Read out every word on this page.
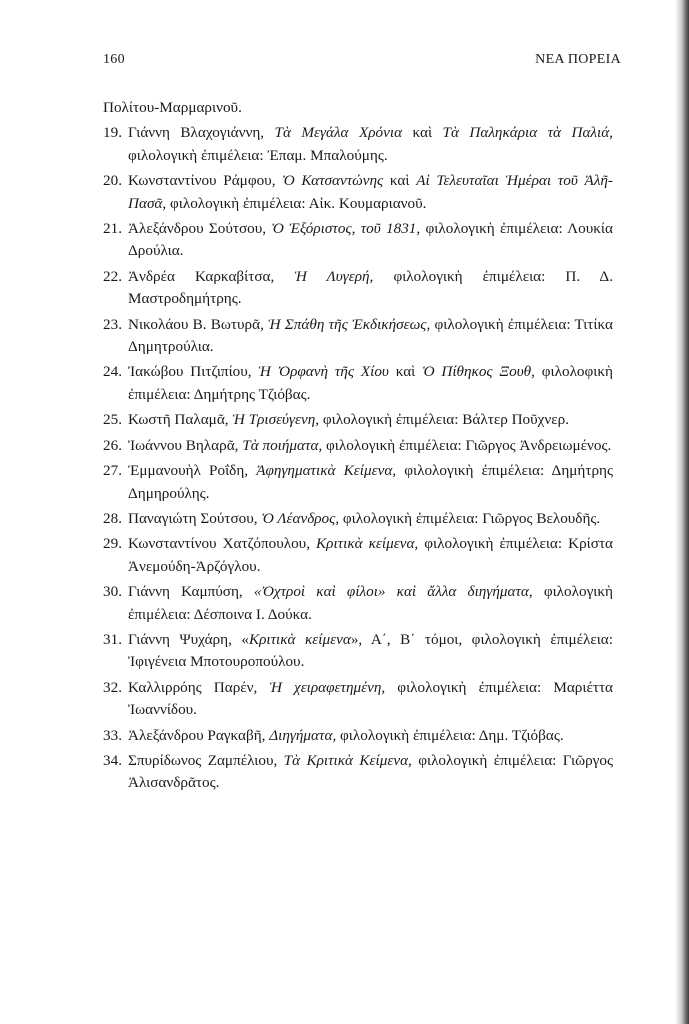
160	ΝΕΑ ΠΟΡΕΙΑ

Πολίτου-Μαρμαρινοῦ.

19. Γιάννη Βλαχογιάννη, Τὰ Μεγάλα Χρόνια καὶ Τὰ Παληκάρια τὰ Παλιά, φιλολογικὴ ἐπιμέλεια: Ἐπαμ. Μπαλούμης.
20. Κωνσταντίνου Ράμφου, Ὁ Κατσαντώνης καὶ Αἱ Τελευταῖαι Ἡμέραι τοῦ Ἀλῆ-Πασᾶ, φιλολογικὴ ἐπιμέλεια: Αἰκ. Κουμαριανοῦ.
21. Ἀλεξάνδρου Σούτσου, Ὁ Ἐξόριστος, τοῦ 1831, φιλολογικὴ ἐπιμέλεια: Λουκία Δρούλια.
22. Ἀνδρέα Καρκαβίτσα, Ἡ Λυγερή, φιλολογικὴ ἐπιμέλεια: Π. Δ. Μαστροδημήτρης.
23. Νικολάου Β. Βωτυρᾶ, Ἡ Σπάθη τῆς Ἐκδικήσεως, φιλολογικὴ ἐπιμέλεια: Τιτίκα Δημητρούλια.
24. Ἰακώβου Πιτζιπίου, Ἡ Ὀρφανὴ τῆς Χίου καὶ Ὁ Πίθηκος Ξουθ, φιλολοφικὴ ἐπιμέλεια: Δημήτρης Τζιόβας.
25. Κωστῆ Παλαμᾶ, Ἡ Τρισεύγενη, φιλολογικὴ ἐπιμέλεια: Βάλτερ Ποῦχνερ.
26. Ἰωάννου Βηλαρᾶ, Τὰ ποιήματα, φιλολογικὴ ἐπιμέλεια: Γιῶργος Ἀνδρειωμένος.
27. Ἐμμανουὴλ Ροΐδη, Ἀφηγηματικὰ Κείμενα, φιλολογικὴ ἐπιμέλεια: Δημήτρης Δημηρούλης.
28. Παναγιώτη Σούτσου, Ὁ Λέανδρος, φιλολογικὴ ἐπιμέλεια: Γιῶργος Βελουδῆς.
29. Κωνσταντίνου Χατζόπουλου, Κριτικὰ κείμενα, φιλολογικὴ ἐπιμέλεια: Κρίστα Ἀνεμούδη-Ἀρζόγλου.
30. Γιάννη Καμπύση, «Ὀχτροὶ καὶ φίλοι» καὶ ἄλλα διηγήματα, φιλολογικὴ ἐπιμέλεια: Δέσποινα Ι. Δούκα.
31. Γιάννη Ψυχάρη, «Κριτικὰ κείμενα», Α΄, Β΄ τόμοι, φιλολογικὴ ἐπιμέλεια: Ἰφιγένεια Μποτουροπούλου.
32. Καλλιρρόης Παρέν, Ἡ χειραφετημένη, φιλολογικὴ ἐπιμέλεια: Μαριέττα Ἰωαννίδου.
33. Ἀλεξάνδρου Ραγκαβῆ, Διηγήματα, φιλολογικὴ ἐπιμέλεια: Δημ. Τζιόβας.
34. Σπυρίδωνος Ζαμπέλιου, Τὰ Κριτικὰ Κείμενα, φιλολογικὴ ἐπιμέλεια: Γιῶργος Ἀλισανδρᾶτος.
